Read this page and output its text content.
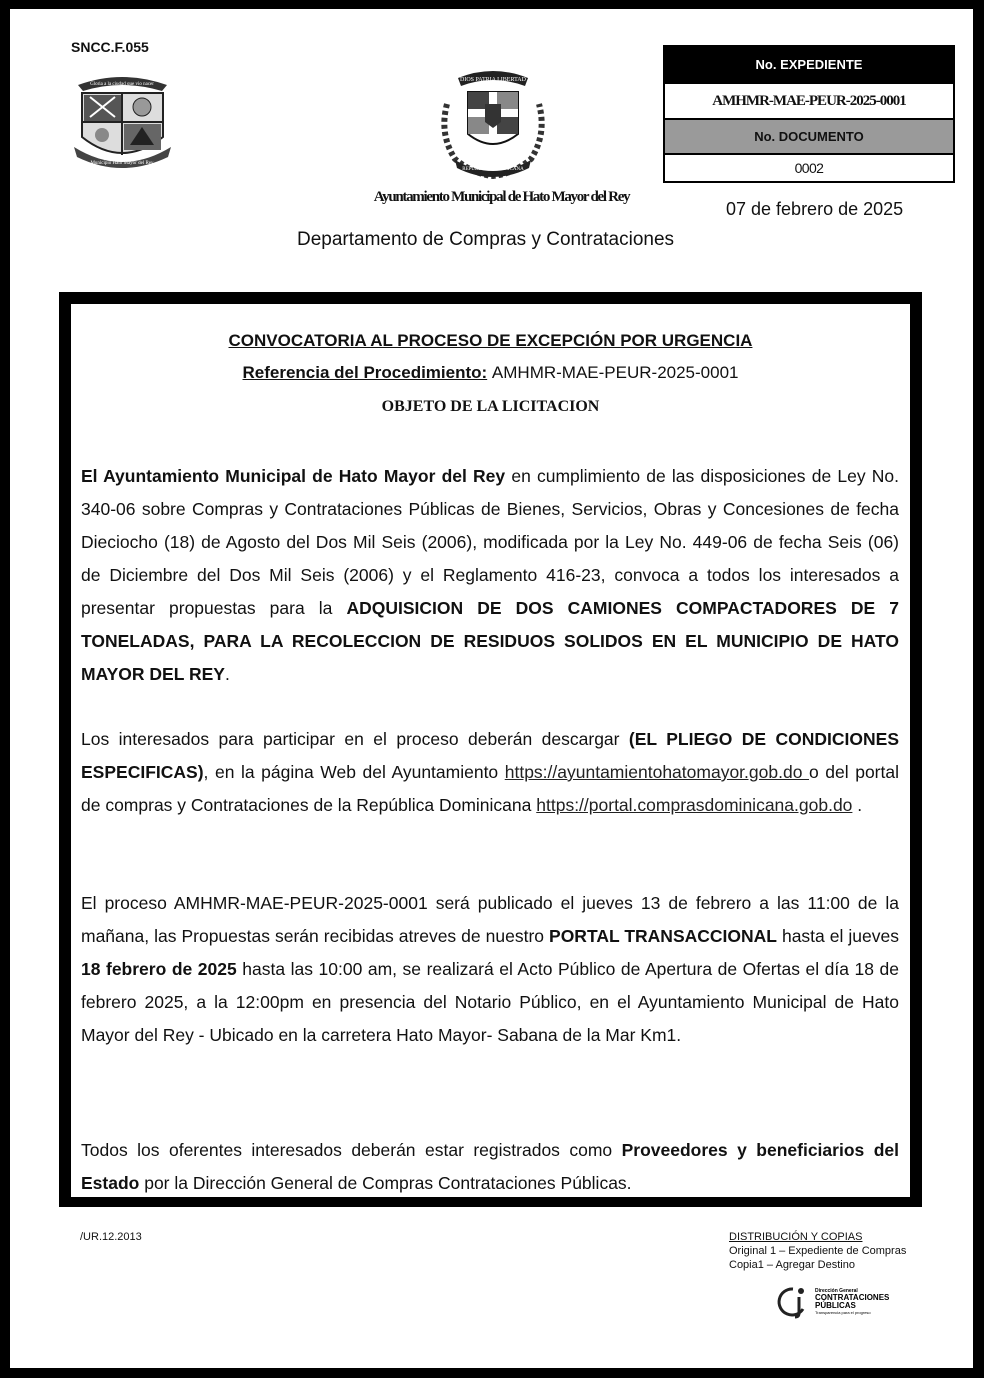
SNCC.F.055
Gloria a la ciudad que vio nacer
Municipio Hato Mayor del Rey
DIOS PATRIA LIBERTAD
REPÚBLICA DOMINICANA
Ayuntamiento Municipal de Hato Mayor del Rey
No. EXPEDIENTE
AMHMR-MAE-PEUR-2025-0001
No. DOCUMENTO
0002
07 de febrero de 2025
Departamento de Compras y Contrataciones
CONVOCATORIA AL PROCESO DE EXCEPCIÓN POR URGENCIA
Referencia del Procedimiento: AMHMR-MAE-PEUR-2025-0001
OBJETO DE LA LICITACION

El Ayuntamiento Municipal de Hato Mayor del Rey en cumplimiento de las disposiciones de Ley No. 340-06 sobre Compras y Contrataciones Públicas de Bienes, Servicios, Obras y Concesiones de fecha Dieciocho (18) de Agosto del Dos Mil Seis (2006), modificada por la Ley No. 449-06 de fecha Seis (06) de Diciembre del Dos Mil Seis (2006) y el Reglamento 416-23, convoca a todos los interesados a presentar propuestas para la ADQUISICION DE DOS CAMIONES COMPACTADORES DE 7 TONELADAS, PARA LA RECOLECCION DE RESIDUOS SOLIDOS EN EL MUNICIPIO DE HATO MAYOR DEL REY.

Los interesados para participar en el proceso deberán descargar (EL PLIEGO DE CONDICIONES ESPECIFICAS), en la página Web del Ayuntamiento https://ayuntamientohatomayor.gob.do o del portal de compras y Contrataciones de la República Dominicana https://portal.comprasdominicana.gob.do .

El proceso AMHMR-MAE-PEUR-2025-0001 será publicado el jueves 13 de febrero a las 11:00 de la mañana, las Propuestas serán recibidas atreves de nuestro PORTAL TRANSACCIONAL hasta el jueves 18 febrero de 2025 hasta las 10:00 am, se realizará el Acto Público de Apertura de Ofertas el día 18 de febrero 2025, a la 12:00pm en presencia del Notario Público, en el Ayuntamiento Municipal de Hato Mayor del Rey - Ubicado en la carretera Hato Mayor- Sabana de la Mar Km1.

Todos los oferentes interesados deberán estar registrados como Proveedores y beneficiarios del Estado por la Dirección General de Compras Contrataciones Públicas.

/UR.12.2013	DISTRIBUCIÓN Y COPIAS
Original 1 – Expediente de Compras
Copia1 – Agregar Destino
Dirección General
CONTRATACIONES
PÚBLICAS
Transparencia para el progreso
